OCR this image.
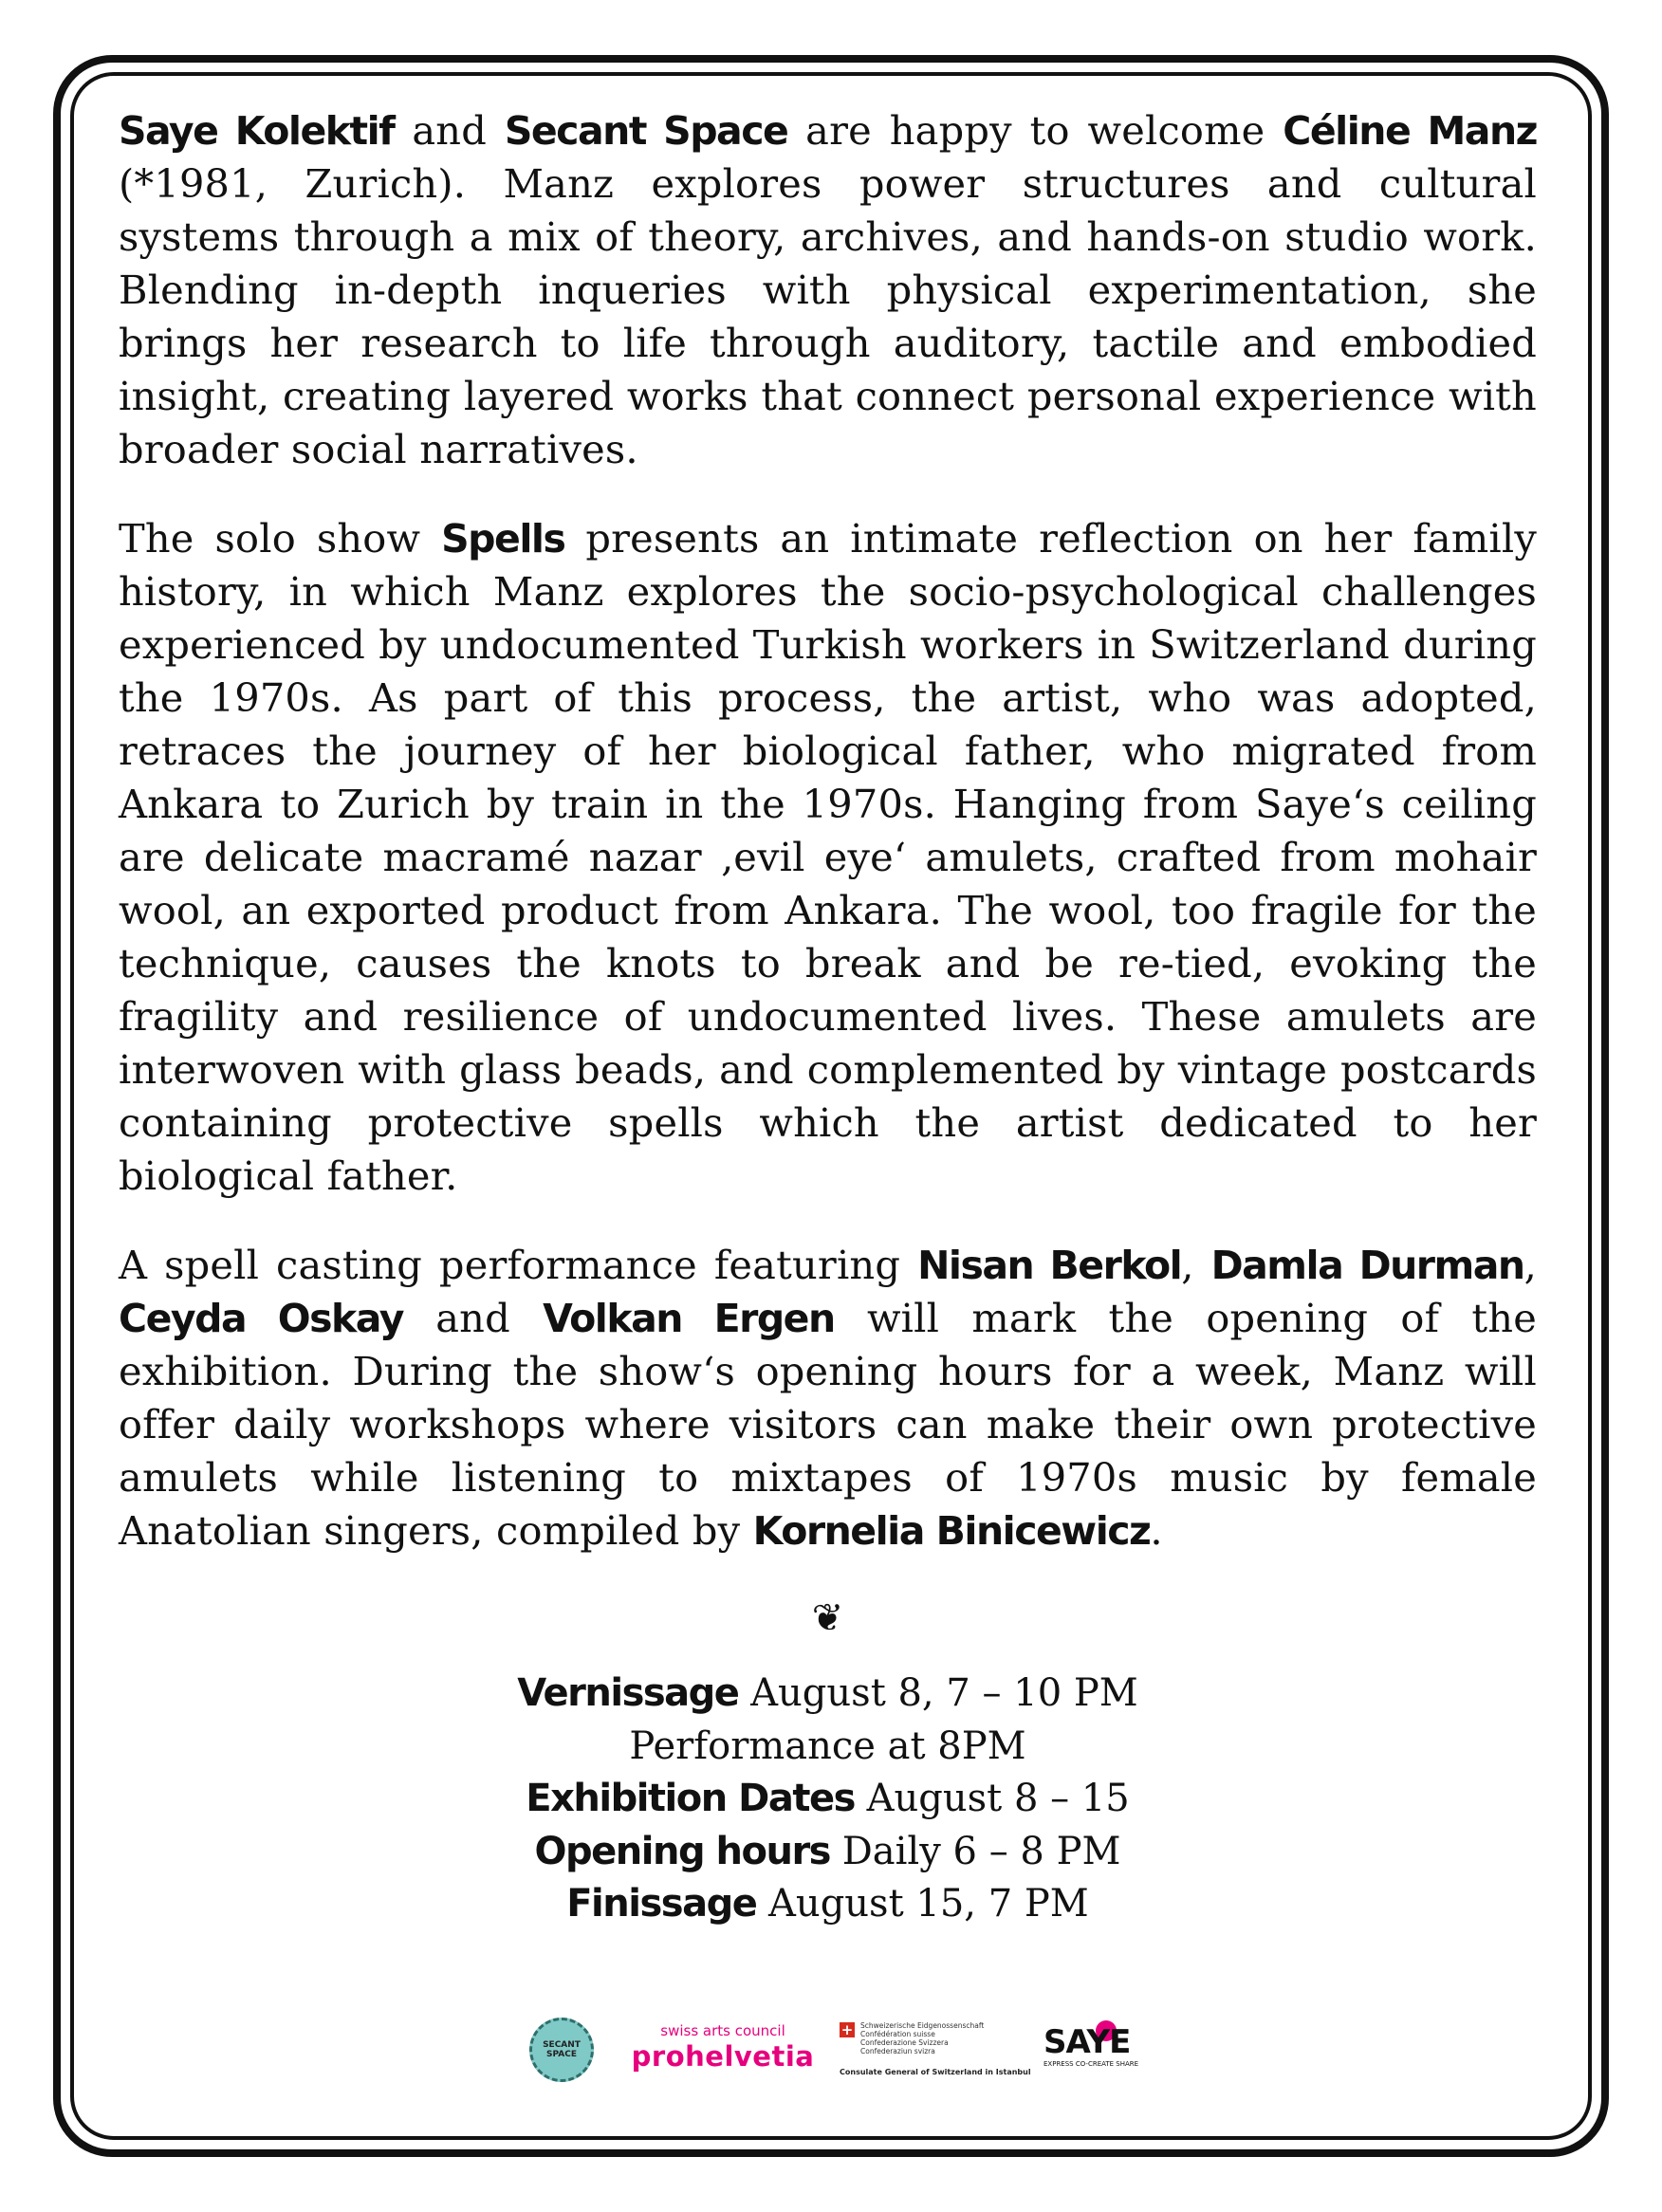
Saye Kolektif and Secant Space are happy to welcome Céline Manz (*1981, Zurich). Manz explores power structures and cultural systems through a mix of theory, archives, and hands-on studio work. Blending in-depth inqueries with physical experimentation, she brings her research to life through auditory, tactile and embodied insight, creating layered works that connect personal experience with broader social narratives.

The solo show Spells presents an intimate reflection on her family history, in which Manz explores the socio-psychological challenges experienced by undocumented Turkish workers in Switzerland during the 1970s. As part of this process, the artist, who was adopted, retraces the journey of her biological father, who migrated from Ankara to Zurich by train in the 1970s. Hanging from Saye‘s ceiling are delicate macramé nazar ‚evil eye‘ amulets, crafted from mohair wool, an exported product from Ankara. The wool, too fragile for the technique, causes the knots to break and be re-tied, evoking the fragility and resilience of undocumented lives. These amulets are interwoven with glass beads, and complemented by vintage postcards containing protective spells which the artist dedicated to her biological father.

A spell casting performance featuring Nisan Berkol, Damla Durman, Ceyda Oskay and Volkan Ergen will mark the opening of the exhibition. During the show‘s opening hours for a week, Manz will offer daily workshops where visitors can make their own protective amulets while listening to mixtapes of 1970s music by female Anatolian singers, compiled by Kornelia Binicewicz.

❦
Vernissage August 8, 7 – 10 PM
Performance at 8PM
Exhibition Dates August 8 – 15
Opening hours Daily 6 – 8 PM
Finissage August 15, 7 PM
SECANT
SPACE
swiss arts council
prohelvetia
+ Schweizerische Eidgenossenschaft
Confédération suisse
Confederazione Svizzera
Confederaziun svizra
Consulate General of Switzerland in Istanbul
SAYE
EXPRESS CO-CREATE SHARE
